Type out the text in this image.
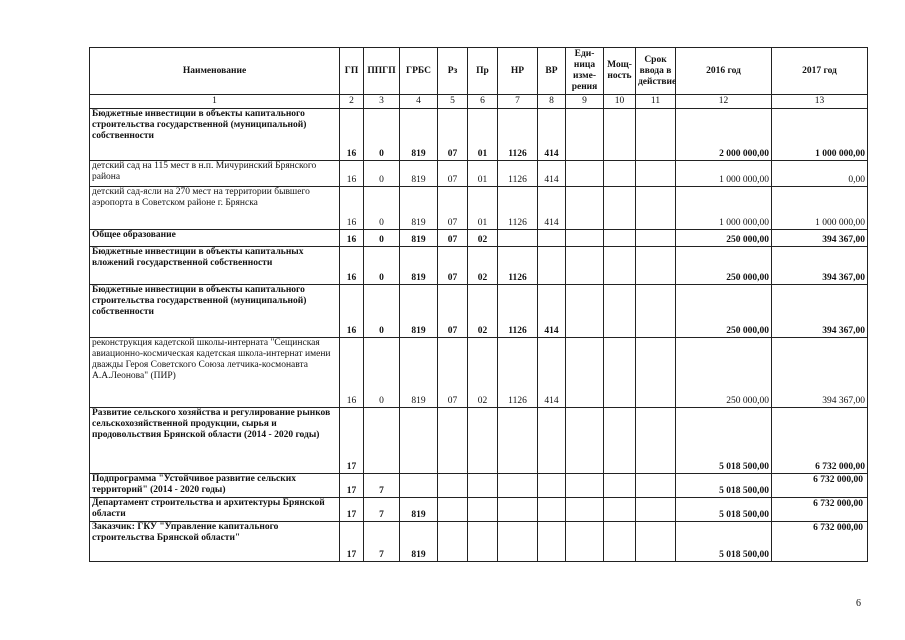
Наименование	ГП	ППГП	ГРБС	Рз	Пр	НР	ВР	Еди-ница изме-рения	Мощ-ность	Срок ввода в действие	2016 год	2017 год
1	2	3	4	5	6	7	8	9	10	11	12	13
Бюджетные инвестиции в объекты капитального строительства государственной (муниципальной) собственности	16	0	819	07	01	1126	414				2 000 000,00	1 000 000,00
детский сад на 115 мест в н.п. Мичуринский Брянского района	16	0	819	07	01	1126	414				1 000 000,00	0,00
детский сад-ясли на 270 мест на территории бывшего аэропорта в Советском районе г. Брянска	16	0	819	07	01	1126	414				1 000 000,00	1 000 000,00
Общее образование	16	0	819	07	02						250 000,00	394 367,00
Бюджетные инвестиции в объекты капитальных вложений государственной собственности	16	0	819	07	02	1126					250 000,00	394 367,00
Бюджетные инвестиции в объекты капитального строительства государственной (муниципальной) собственности	16	0	819	07	02	1126	414				250 000,00	394 367,00
реконструкция кадетской школы-интерната "Сещинская авиационно-космическая кадетская школа-интернат имени дважды Героя Советского Союза летчика-космонавта А.А.Леонова" (ПИР)	16	0	819	07	02	1126	414				250 000,00	394 367,00
Развитие сельского хозяйства и регулирование рынков сельскохозяйственной продукции, сырья и продовольствия Брянской области (2014 - 2020 годы)	17										5 018 500,00	6 732 000,00
Подпрограмма "Устойчивое развитие сельских территорий" (2014 - 2020 годы)	17	7									5 018 500,00	6 732 000,00

Департамент строительства и архитектуры Брянской области	17	7	819								5 018 500,00	6 732 000,00

Заказчик: ГКУ "Управление капитального строительства Брянской области"	17	7	819								5 018 500,00	6 732 000,00
6
